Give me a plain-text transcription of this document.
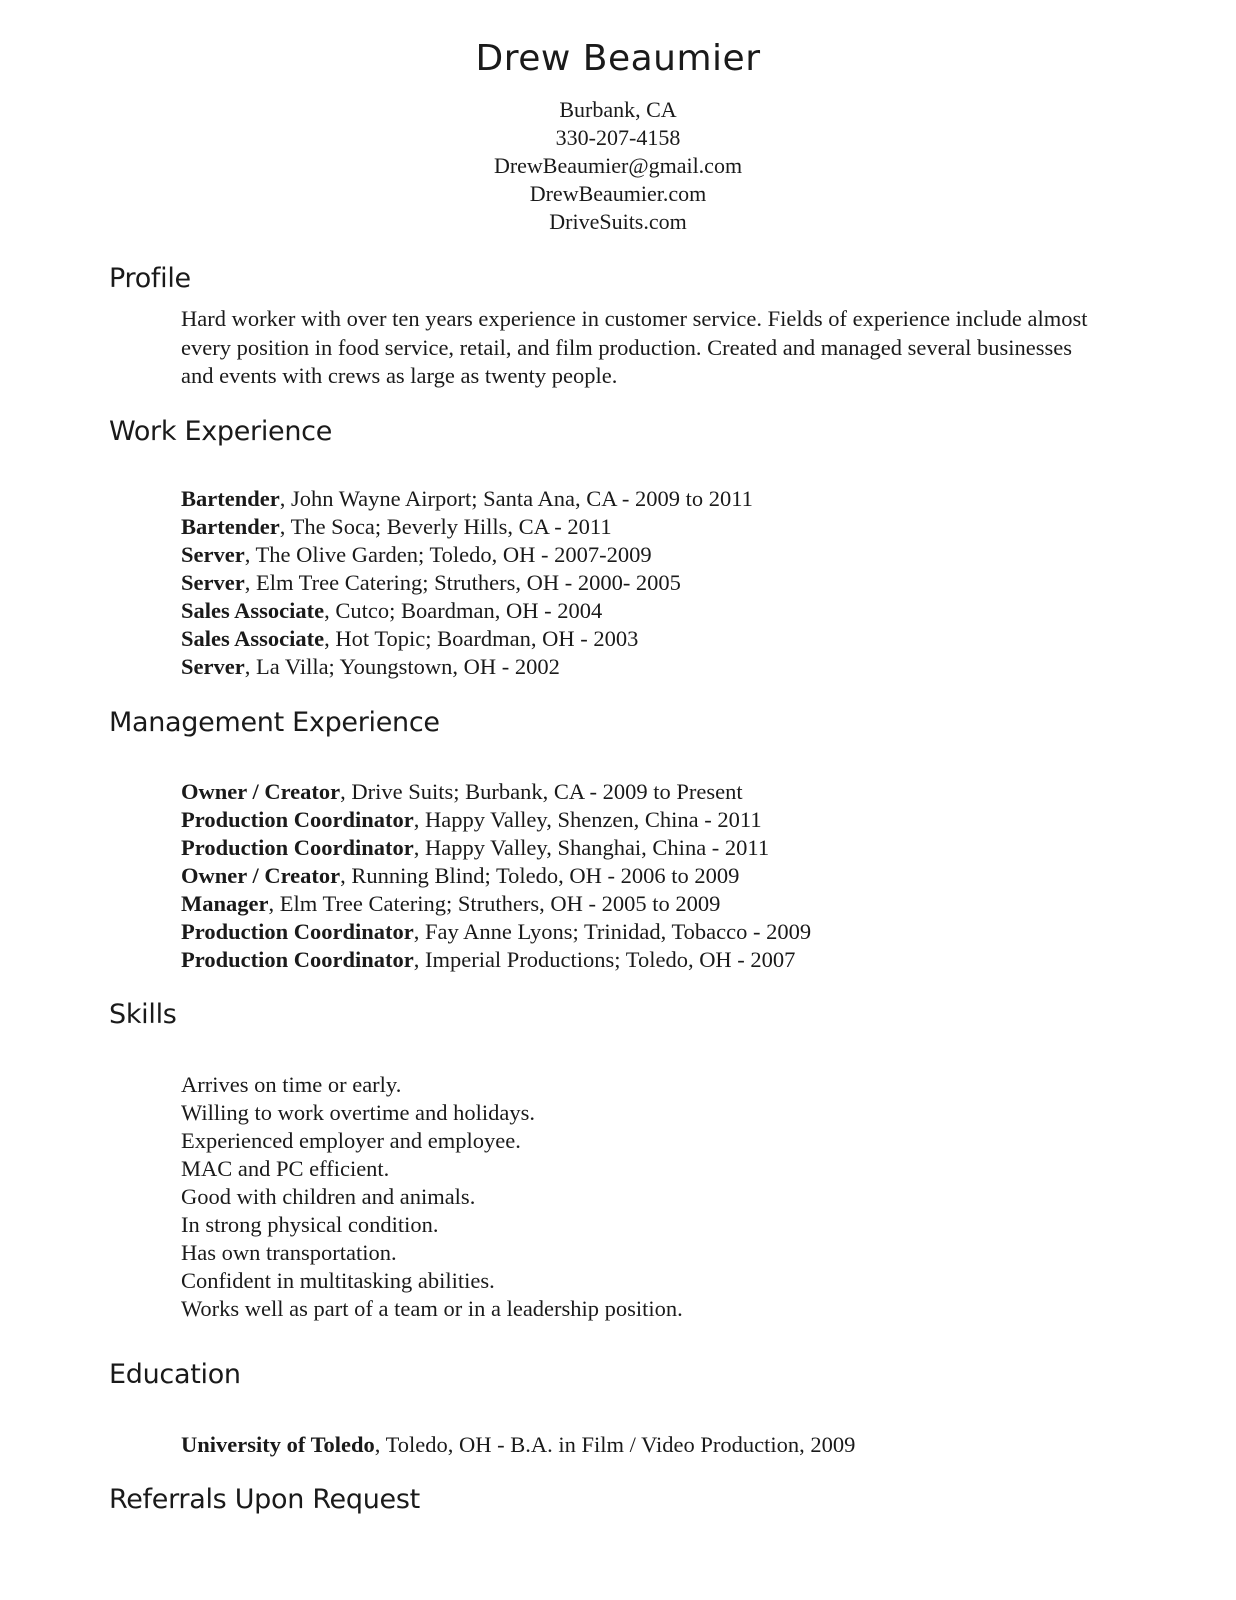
Drew Beaumier
Burbank, CA
330-207-4158
DrewBeaumier@gmail.com
DrewBeaumier.com
DriveSuits.com
Profile
Hard worker with over ten years experience in customer service. Fields of experience include almost every position in food service, retail, and film production. Created and managed several businesses and events with crews as large as twenty people.
Work Experience
Bartender, John Wayne Airport; Santa Ana, CA - 2009 to 2011
Bartender, The Soca; Beverly Hills, CA - 2011
Server, The Olive Garden; Toledo, OH - 2007-2009
Server, Elm Tree Catering; Struthers, OH - 2000- 2005
Sales Associate, Cutco; Boardman, OH - 2004
Sales Associate, Hot Topic; Boardman, OH - 2003
Server, La Villa; Youngstown, OH - 2002
Management Experience
Owner / Creator, Drive Suits; Burbank, CA - 2009 to Present
Production Coordinator, Happy Valley, Shenzen, China - 2011
Production Coordinator, Happy Valley, Shanghai, China - 2011
Owner / Creator, Running Blind; Toledo, OH - 2006 to 2009
Manager, Elm Tree Catering; Struthers, OH - 2005 to 2009
Production Coordinator, Fay Anne Lyons; Trinidad, Tobacco - 2009
Production Coordinator, Imperial Productions; Toledo, OH - 2007
Skills
Arrives on time or early.
Willing to work overtime and holidays.
Experienced employer and employee.
MAC and PC efficient.
Good with children and animals.
In strong physical condition.
Has own transportation.
Confident in multitasking abilities.
Works well as part of a team or in a leadership position.
Education
University of Toledo, Toledo, OH - B.A. in Film / Video Production, 2009
Referrals Upon Request
